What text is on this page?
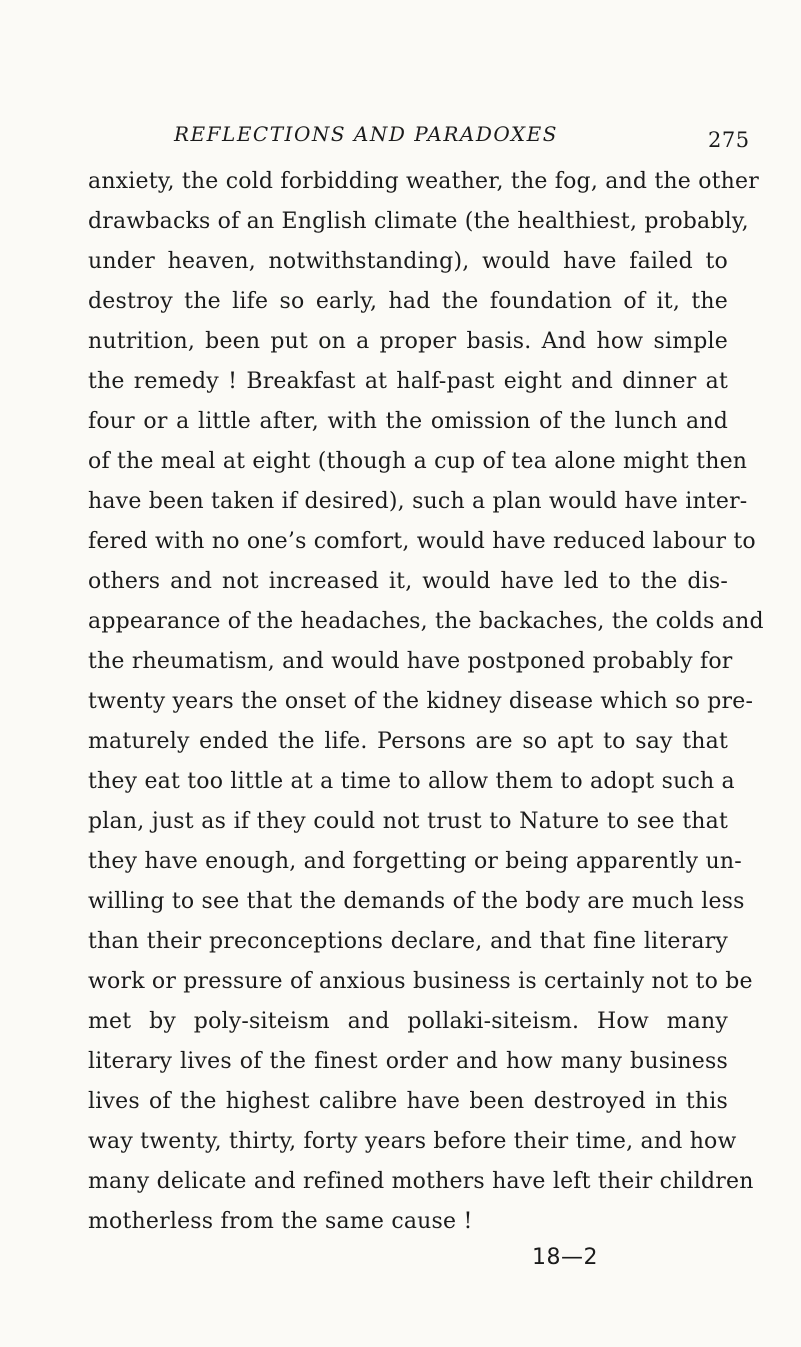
REFLECTIONS AND PARADOXES	275
anxiety, the cold forbidding weather, the fog, and the other
drawbacks of an English climate (the healthiest, probably,
under heaven, notwithstanding), would have failed to
destroy the life so early, had the foundation of it, the
nutrition, been put on a proper basis. And how simple
the remedy ! Breakfast at half-past eight and dinner at
four or a little after, with the omission of the lunch and
of the meal at eight (though a cup of tea alone might then
have been taken if desired), such a plan would have inter-
fered with no one’s comfort, would have reduced labour to
others and not increased it, would have led to the dis-
appearance of the headaches, the backaches, the colds and
the rheumatism, and would have postponed probably for
twenty years the onset of the kidney disease which so pre-
maturely ended the life. Persons are so apt to say that
they eat too little at a time to allow them to adopt such a
plan, just as if they could not trust to Nature to see that
they have enough, and forgetting or being apparently un-
willing to see that the demands of the body are much less
than their preconceptions declare, and that fine literary
work or pressure of anxious business is certainly not to be
met by poly-siteism and pollaki-siteism. How many
literary lives of the finest order and how many business
lives of the highest calibre have been destroyed in this
way twenty, thirty, forty years before their time, and how
many delicate and refined mothers have left their children
motherless from the same cause !
18—2
